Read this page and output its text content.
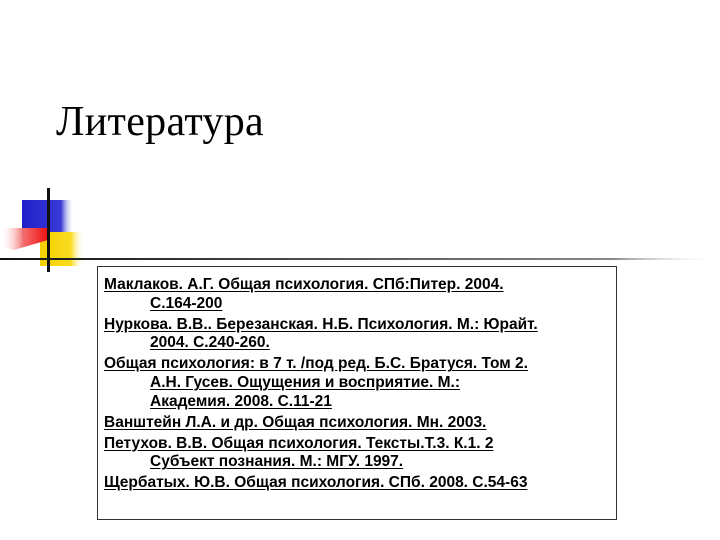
Литература
Маклаков. А.Г. Общая психология. СПб:Питер. 2004.
С.164-200
Нуркова. В.В.. Березанская. Н.Б. Психология. М.: Юрайт.
2004. С.240-260.
Общая психология: в 7 т. /под ред. Б.С. Братуся. Том 2.
А.Н. Гусев. Ощущения и восприятие. М.:
Академия. 2008. С.11-21
Ванштейн Л.А. и др. Общая психология. Мн. 2003.
Петухов. В.В. Общая психология. Тексты.Т.3. К.1. 2
Субъект познания. М.: МГУ. 1997.
Щербатых. Ю.В. Общая психология. СПб. 2008. С.54-63
